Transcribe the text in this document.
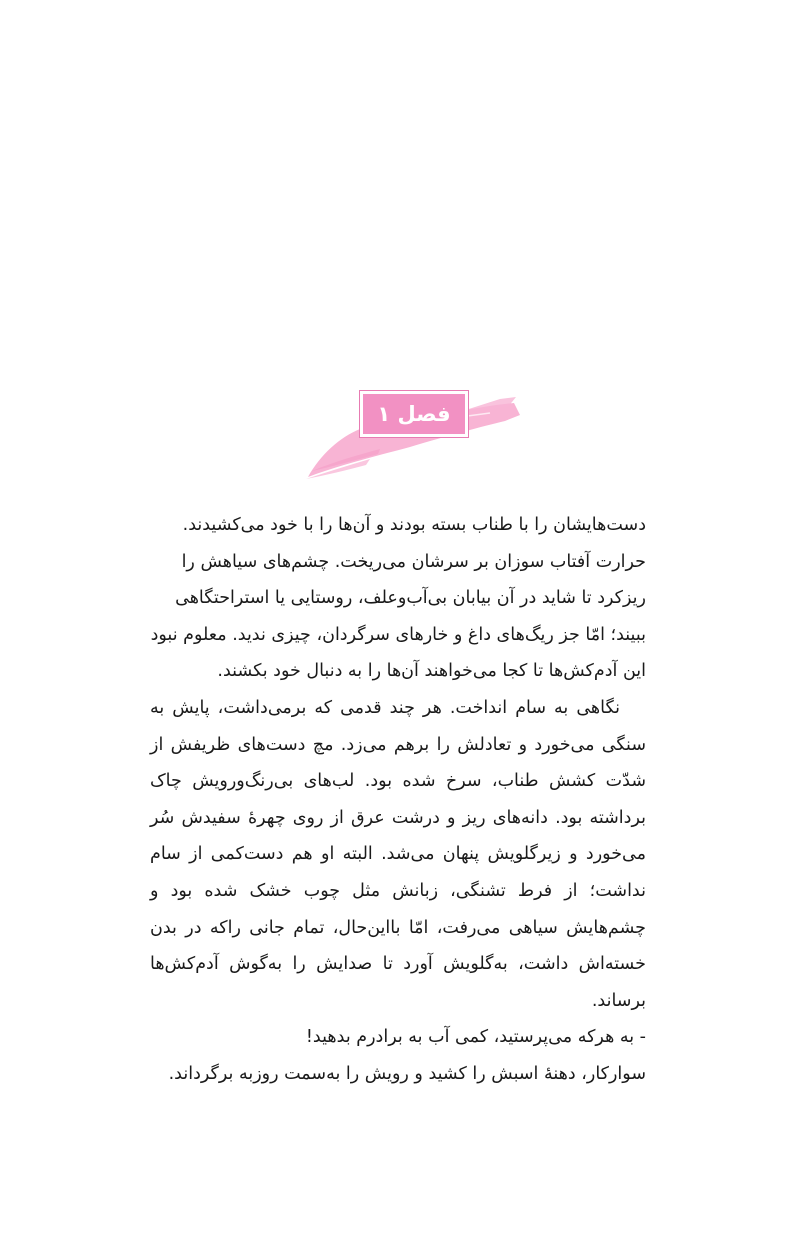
فصل ۱

دست‌هایشان را با طناب بسته بودند و آن‌ها را با خود می‌کشیدند. حرارت آفتاب سوزان بر سرشان می‌ریخت. چشم‌های سیاهش را ریزکرد تا شاید در آن بیابان بی‌آب‌وعلف، روستایی یا استراحتگاهی ببیند؛ امّا جز ریگ‌های داغ و خارهای سرگردان، چیزی ندید. معلوم نبود این آدم‌کش‌ها تا کجا می‌خواهند آن‌ها را به دنبال خود بکشند.

نگاهی به سام انداخت. هر چند قدمی که برمی‌داشت، پایش به سنگی می‌خورد و تعادلش را برهم می‌زد. مچ دست‌های ظریفش از شدّت کشش طناب، سرخ شده بود. لب‌های بی‌رنگ‌ورویش چاک برداشته بود. دانه‌های ریز و درشت عرق از روی چهرهٔ سفیدش سُر می‌خورد و زیرگلویش پنهان می‌شد. البته او هم دست‌کمی از سام نداشت؛ از فرط تشنگی، زبانش مثل چوب خشک شده بود و چشم‌هایش سیاهی می‌رفت، امّا بااین‌حال، تمام جانی راکه در بدن خسته‌اش داشت، به‌گلویش آورد تا صدایش را به‌گوش آدم‌کش‌ها برساند.

- به هرکه می‌پرستید، کمی آب به برادرم بدهید!

سوارکار، دهنهٔ اسبش را کشید و رویش را به‌سمت روزبه برگرداند.
